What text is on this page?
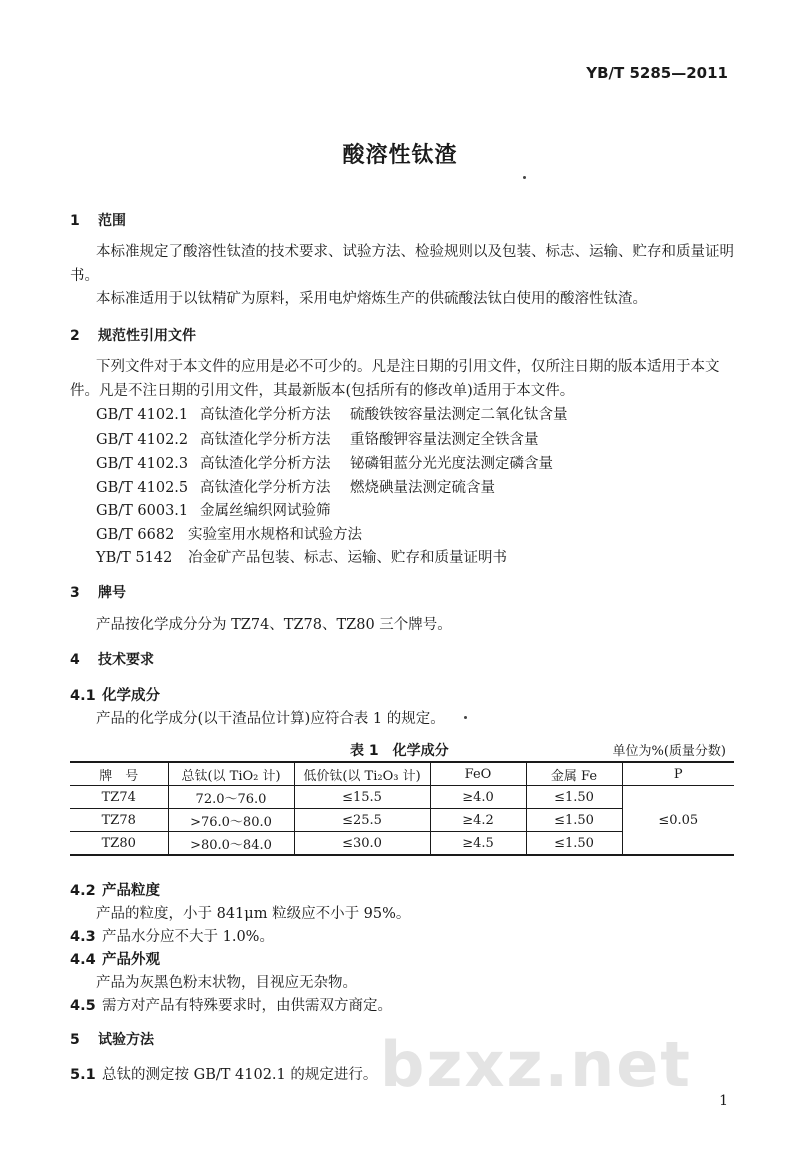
YB/T 5285—2011
酸溶性钛渣
1 范围
本标准规定了酸溶性钛渣的技术要求、试验方法、检验规则以及包装、标志、运输、贮存和质量证明书。
本标准适用于以钛精矿为原料，采用电炉熔炼生产的供硫酸法钛白使用的酸溶性钛渣。
2 规范性引用文件
下列文件对于本文件的应用是必不可少的。凡是注日期的引用文件，仅所注日期的版本适用于本文件。凡是不注日期的引用文件，其最新版本(包括所有的修改单)适用于本文件。
GB/T 4102.1 高钛渣化学分析方法 硫酸铁铵容量法测定二氧化钛含量
GB/T 4102.2 高钛渣化学分析方法 重铬酸钾容量法测定全铁含量
GB/T 4102.3 高钛渣化学分析方法 铋磷钼蓝分光光度法测定磷含量
GB/T 4102.5 高钛渣化学分析方法 燃烧碘量法测定硫含量
GB/T 6003.1 金属丝编织网试验筛
GB/T 6682 实验室用水规格和试验方法
YB/T 5142 冶金矿产品包装、标志、运输、贮存和质量证明书
3 牌号
产品按化学成分分为 TZ74、TZ78、TZ80 三个牌号。
4 技术要求
4.1 化学成分
产品的化学成分(以干渣品位计算)应符合表 1 的规定。
表 1　化学成分	单位为%(质量分数)
牌　号	总钛(以 TiO₂ 计)	低价钛(以 Ti₂O₃ 计)	FeO	金属 Fe	P
TZ74	72.0～76.0	≤15.5	≥4.0	≤1.50	≤0.05
TZ78	>76.0～80.0	≤25.5	≥4.2	≤1.50	
TZ80	>80.0～84.0	≤30.0	≥4.5	≤1.50	
4.2 产品粒度
产品的粒度，小于 841μm 粒级应不小于 95%。
4.3 产品水分应不大于 1.0%。
4.4 产品外观
产品为灰黑色粉末状物，目视应无杂物。
4.5 需方对产品有特殊要求时，由供需双方商定。
5 试验方法	bzxz.net
5.1 总钛的测定按 GB/T 4102.1 的规定进行。
1
